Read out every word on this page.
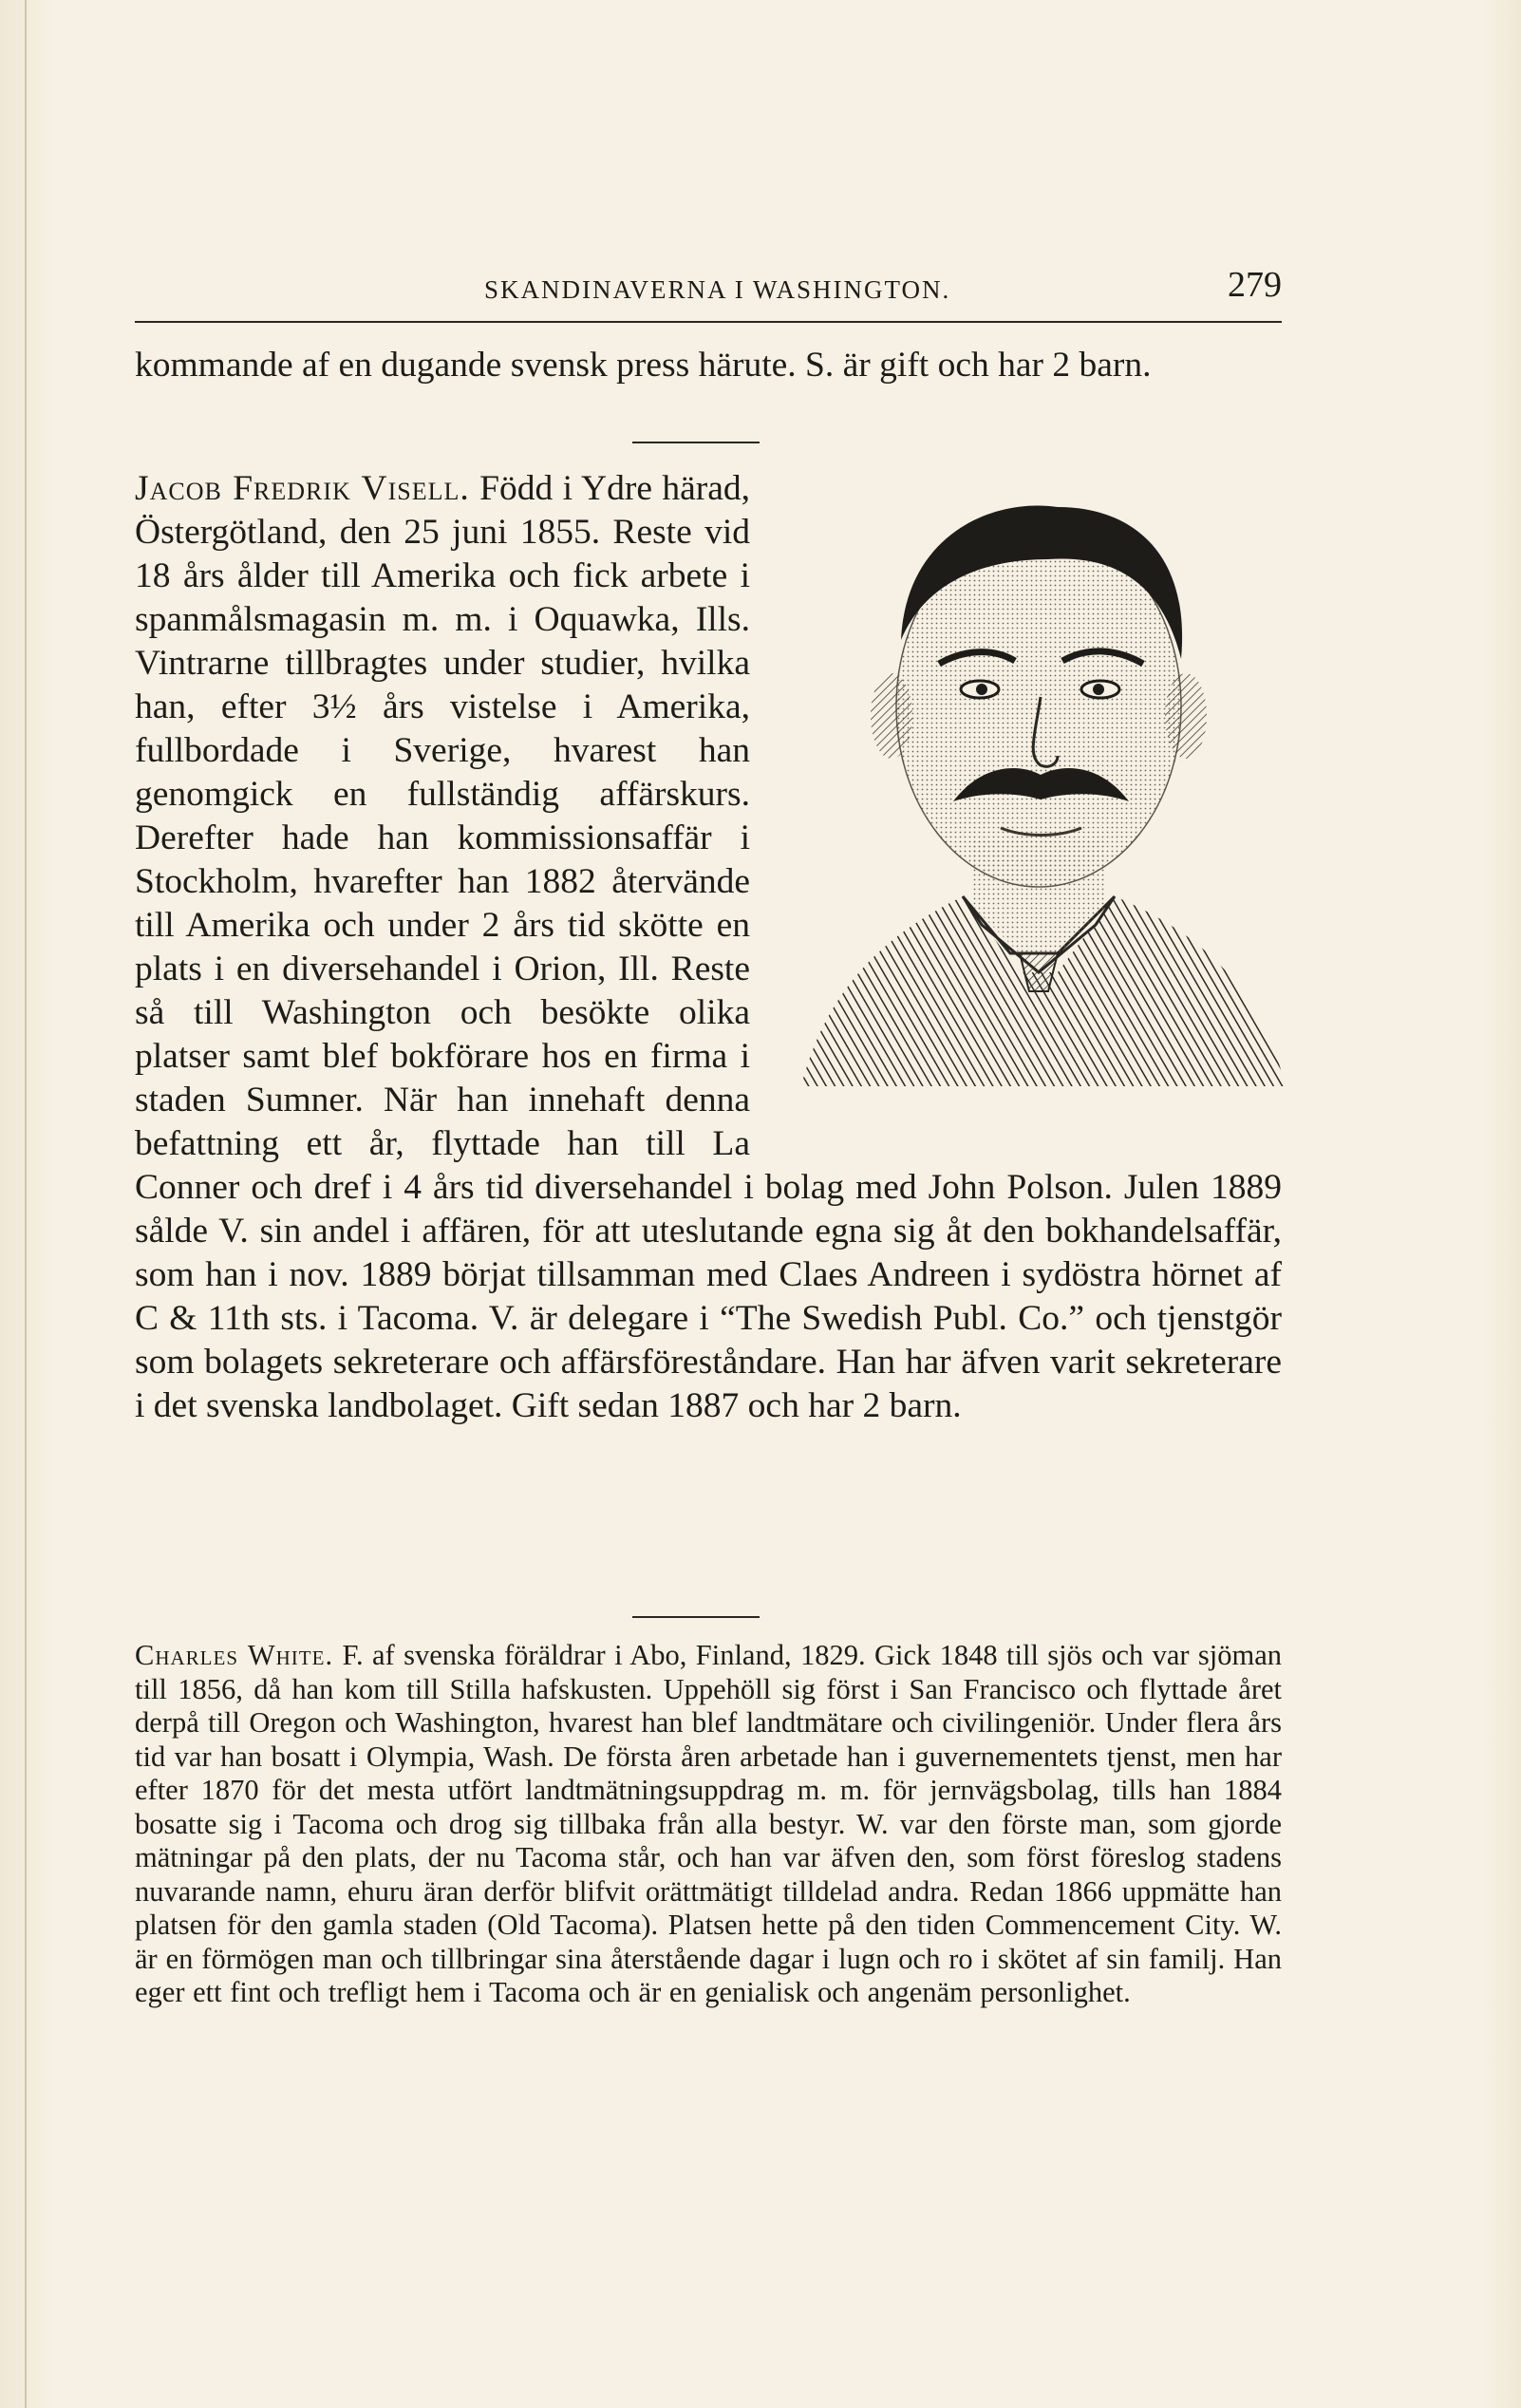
SKANDINAVERNA I WASHINGTON.	279

kommande af en dugande svensk press härute. S. är gift och har 2 barn.

Jacob Fredrik Visell. Född i Ydre härad, Östergötland, den 25 juni 1855. Reste vid 18 års ålder till Amerika och fick arbete i spanmålsmagasin m. m. i Oquawka, Ills. Vintrarne tillbragtes under studier, hvilka han, efter 3½ års vistelse i Amerika, fullbordade i Sverige, hvarest han genomgick en fullständig affärskurs. Derefter hade han kommissionsaffär i Stockholm, hvarefter han 1882 återvände till Amerika och under 2 års tid skötte en plats i en diversehandel i Orion, Ill. Reste så till Washington och besökte olika platser samt blef bokförare hos en firma i staden Sumner. När han innehaft denna befattning ett år, flyttade han till La Conner och dref i 4 års tid diversehandel i bolag med John Polson. Julen 1889 sålde V. sin andel i affären, för att uteslutande egna sig åt den bokhandelsaffär, som han i nov. 1889 börjat tillsamman med Claes Andreen i sydöstra hörnet af C & 11th sts. i Tacoma. V. är delegare i “The Swedish Publ. Co.” och tjenstgör som bolagets sekreterare och affärsföreståndare. Han har äfven varit sekreterare i det svenska landbolaget. Gift sedan 1887 och har 2 barn.

Charles White. F. af svenska föräldrar i Abo, Finland, 1829. Gick 1848 till sjös och var sjöman till 1856, då han kom till Stilla hafskusten. Uppehöll sig först i San Francisco och flyttade året derpå till Oregon och Washington, hvarest han blef landtmätare och civilingeniör. Under flera års tid var han bosatt i Olympia, Wash. De första åren arbetade han i guvernementets tjenst, men har efter 1870 för det mesta utfört landtmätningsuppdrag m. m. för jernvägsbolag, tills han 1884 bosatte sig i Tacoma och drog sig tillbaka från alla bestyr. W. var den förste man, som gjorde mätningar på den plats, der nu Tacoma står, och han var äfven den, som först föreslog stadens nuvarande namn, ehuru äran derför blifvit orättmätigt tilldelad andra. Redan 1866 uppmätte han platsen för den gamla staden (Old Tacoma). Platsen hette på den tiden Commencement City. W. är en förmögen man och tillbringar sina återstående dagar i lugn och ro i skötet af sin familj. Han eger ett fint och trefligt hem i Tacoma och är en genialisk och angenäm personlighet.
